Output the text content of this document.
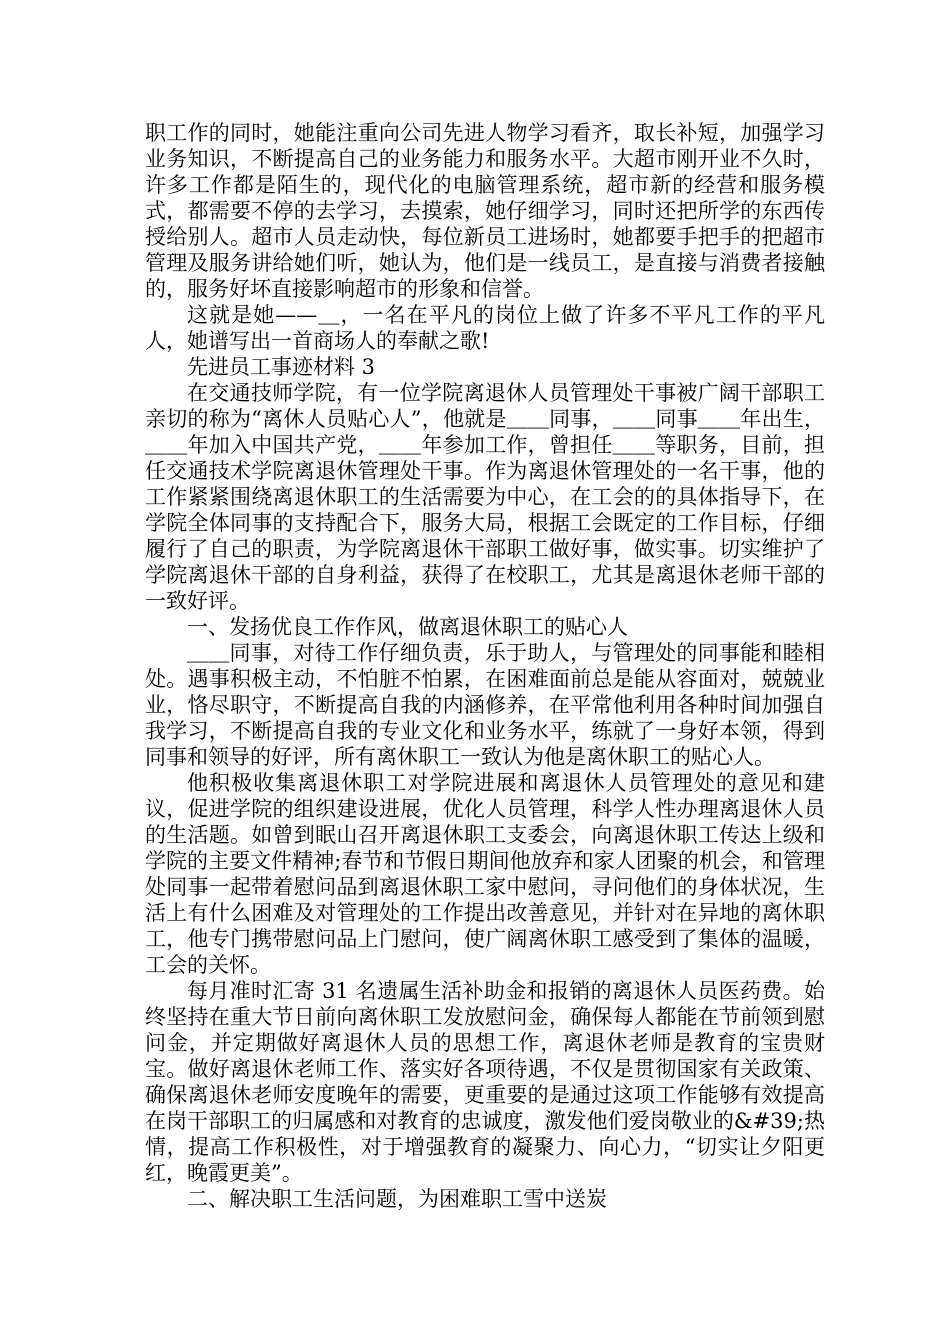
职工作的同时，她能注重向公司先进人物学习看齐，取长补短，加强学习业务知识，不断提高自己的业务能力和服务水平。大超市刚开业不久时，许多工作都是陌生的，现代化的电脑管理系统，超市新的经营和服务模式，都需要不停的去学习，去摸索，她仔细学习，同时还把所学的东西传授给别人。超市人员走动快，每位新员工进场时，她都要手把手的把超市管理及服务讲给她们听，她认为，他们是一线员工，是直接与消费者接触的，服务好坏直接影响超市的形象和信誉。

这就是她——＿，一名在平凡的岗位上做了许多不平凡工作的平凡人，她谱写出一首商场人的奉献之歌!

先进员工事迹材料 3

在交通技师学院，有一位学院离退休人员管理处干事被广阔干部职工亲切的称为“离休人员贴心人”，他就是＿＿同事，＿＿同事＿＿年出生，＿＿年加入中国共产党，＿＿年参加工作，曾担任＿＿等职务，目前，担任交通技术学院离退休管理处干事。作为离退休管理处的一名干事，他的工作紧紧围绕离退休职工的生活需要为中心，在工会的的具体指导下，在学院全体同事的支持配合下，服务大局，根据工会既定的工作目标，仔细履行了自己的职责，为学院离退休干部职工做好事，做实事。切实维护了学院离退休干部的自身利益，获得了在校职工，尤其是离退休老师干部的一致好评。

一、发扬优良工作作风，做离退休职工的贴心人

＿＿同事，对待工作仔细负责，乐于助人，与管理处的同事能和睦相处。遇事积极主动，不怕脏不怕累，在困难面前总是能从容面对，兢兢业业，恪尽职守，不断提高自我的内涵修养，在平常他利用各种时间加强自我学习，不断提高自我的专业文化和业务水平，练就了一身好本领，得到同事和领导的好评，所有离休职工一致认为他是离休职工的贴心人。

他积极收集离退休职工对学院进展和离退休人员管理处的意见和建议，促进学院的组织建设进展，优化人员管理，科学人性办理离退休人员的生活题。如曾到眠山召开离退休职工支委会，向离退休职工传达上级和学院的主要文件精神;春节和节假日期间他放弃和家人团聚的机会，和管理处同事一起带着慰问品到离退休职工家中慰问，寻问他们的身体状况，生活上有什么困难及对管理处的工作提出改善意见，并针对在异地的离休职工，他专门携带慰问品上门慰问，使广阔离休职工感受到了集体的温暖，工会的关怀。

每月准时汇寄 31 名遗属生活补助金和报销的离退休人员医药费。始终坚持在重大节日前向离休职工发放慰问金，确保每人都能在节前领到慰问金，并定期做好离退休人员的思想工作，离退休老师是教育的宝贵财宝。做好离退休老师工作、落实好各项待遇，不仅是贯彻国家有关政策、确保离退休老师安度晚年的需要，更重要的是通过这项工作能够有效提高在岗干部职工的归属感和对教育的忠诚度，激发他们爱岗敬业的&#39;热情，提高工作积极性，对于增强教育的凝聚力、向心力，“切实让夕阳更红，晚霞更美”。

二、解决职工生活问题，为困难职工雪中送炭
